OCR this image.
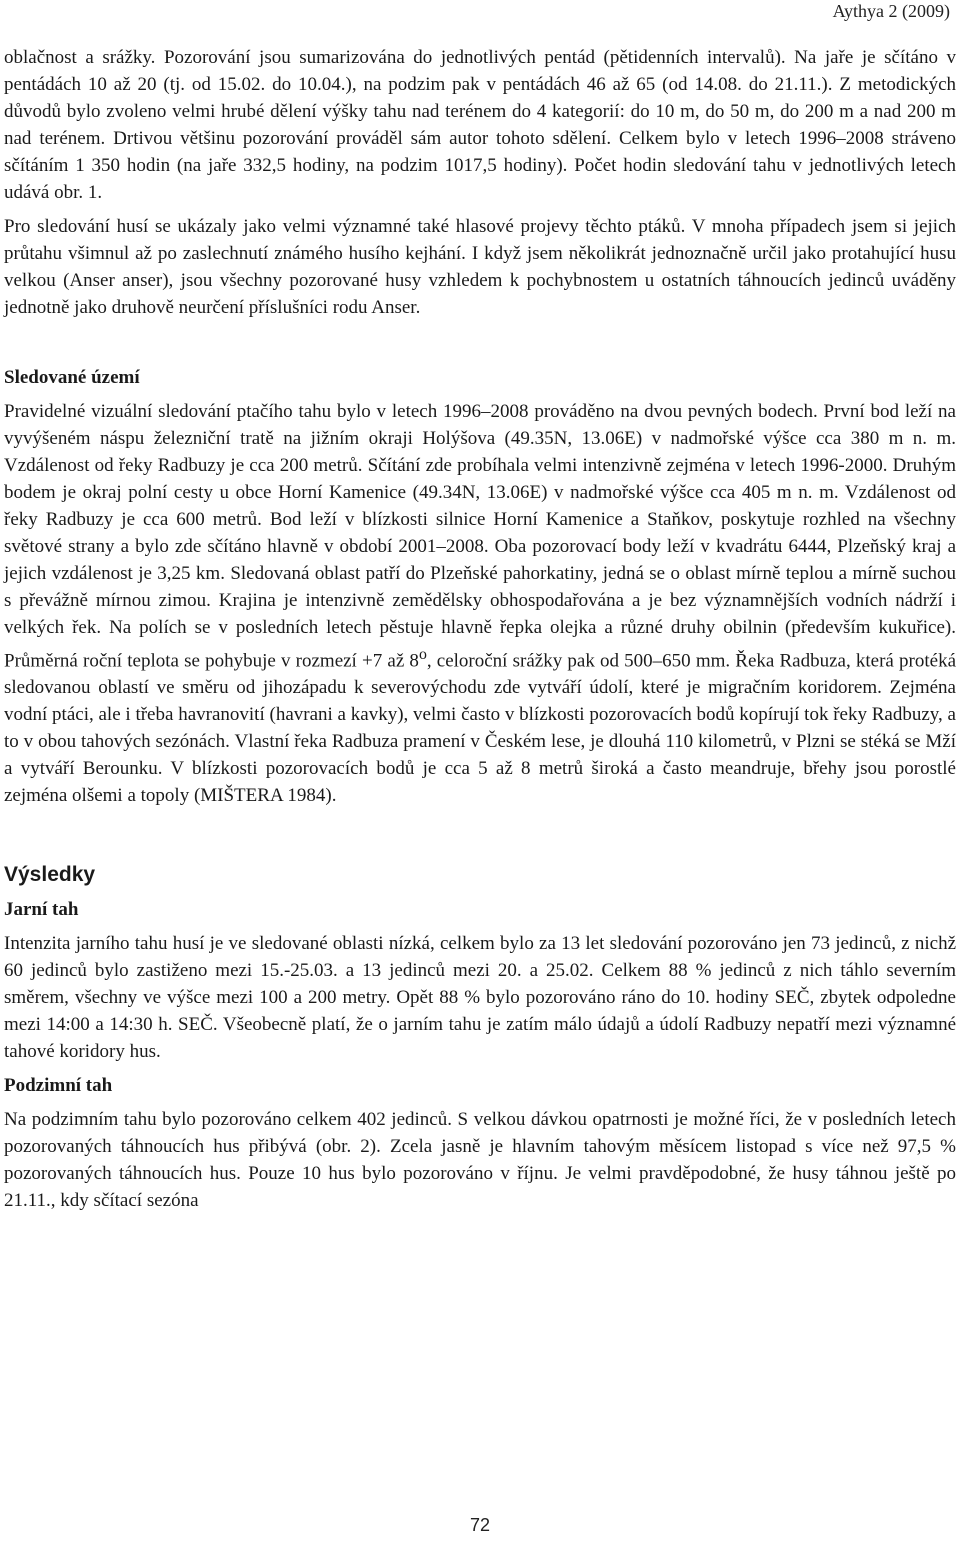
Aythya 2 (2009)

oblačnost a srážky. Pozorování jsou sumarizována do jednotlivých pentád (pětidenních intervalů). Na jaře je sčítáno v pentádách 10 až 20 (tj. od 15.02. do 10.04.), na podzim pak v pentádách 46 až 65 (od 14.08. do 21.11.). Z metodických důvodů bylo zvoleno velmi hrubé dělení výšky tahu nad terénem do 4 kategorií: do 10 m, do 50 m, do 200 m a nad 200 m nad terénem. Drtivou většinu pozorování prováděl sám autor tohoto sdělení. Celkem bylo v letech 1996–2008 stráveno sčítáním 1 350 hodin (na jaře 332,5 hodiny, na podzim 1017,5 hodiny). Počet hodin sledování tahu v jednotlivých letech udává obr. 1.

Pro sledování husí se ukázaly jako velmi významné také hlasové projevy těchto ptáků. V mnoha případech jsem si jejich průtahu všimnul až po zaslechnutí známého husího kejhání. I když jsem několikrát jednoznačně určil jako protahující husu velkou (Anser anser), jsou všechny pozorované husy vzhledem k pochybnostem u ostatních táhnoucích jedinců uváděny jednotně jako druhově neurčení příslušníci rodu Anser.

Sledované území

Pravidelné vizuální sledování ptačího tahu bylo v letech 1996–2008 prováděno na dvou pevných bodech. První bod leží na vyvýšeném náspu železniční tratě na jižním okraji Holýšova (49.35N, 13.06E) v nadmořské výšce cca 380 m n. m. Vzdálenost od řeky Radbuzy je cca 200 metrů. Sčítání zde probíhala velmi intenzivně zejména v letech 1996-2000. Druhým bodem je okraj polní cesty u obce Horní Kamenice (49.34N, 13.06E) v nadmořské výšce cca 405 m n. m. Vzdálenost od řeky Radbuzy je cca 600 metrů. Bod leží v blízkosti silnice Horní Kamenice a Staňkov, poskytuje rozhled na všechny světové strany a bylo zde sčítáno hlavně v období 2001–2008. Oba pozorovací body leží v kvadrátu 6444, Plzeňský kraj a jejich vzdálenost je 3,25 km. Sledovaná oblast patří do Plzeňské pahorkatiny, jedná se o oblast mírně teplou a mírně suchou s převážně mírnou zimou. Krajina je intenzivně zemědělsky obhospodařována a je bez významnějších vodních nádrží i velkých řek. Na polích se v posledních letech pěstuje hlavně řepka olejka a různé druhy obilnin (především kukuřice). Průměrná roční teplota se pohybuje v rozmezí +7 až 8$^o$, celoroční srážky pak od 500–650 mm. Řeka Radbuza, která protéká sledovanou oblastí ve směru od jihozápadu k severovýchodu zde vytváří údolí, které je migračním koridorem. Zejména vodní ptáci, ale i třeba havranovití (havrani a kavky), velmi často v blízkosti pozorovacích bodů kopírují tok řeky Radbuzy, a to v obou tahových sezónách. Vlastní řeka Radbuza pramení v Českém lese, je dlouhá 110 kilometrů, v Plzni se stéká se Mží a vytváří Berounku. V blízkosti pozorovacích bodů je cca 5 až 8 metrů široká a často meandruje, břehy jsou porostlé zejména olšemi a topoly (MIŠTERA 1984).

Výsledky
Jarní tah

Intenzita jarního tahu husí je ve sledované oblasti nízká, celkem bylo za 13 let sledování pozorováno jen 73 jedinců, z nichž 60 jedinců bylo zastiženo mezi 15.-25.03. a 13 jedinců mezi 20. a 25.02. Celkem 88 % jedinců z nich táhlo severním směrem, všechny ve výšce mezi 100 a 200 metry. Opět 88 % bylo pozorováno ráno do 10. hodiny SEČ, zbytek odpoledne mezi 14:00 a 14:30 h. SEČ. Všeobecně platí, že o jarním tahu je zatím málo údajů a údolí Radbuzy nepatří mezi významné tahové koridory hus.

Podzimní tah

Na podzimním tahu bylo pozorováno celkem 402 jedinců. S velkou dávkou opatrnosti je možné říci, že v posledních letech pozorovaných táhnoucích hus přibývá (obr. 2). Zcela jasně je hlavním tahovým měsícem listopad s více než 97,5 % pozorovaných táhnoucích hus. Pouze 10 hus bylo pozorováno v říjnu. Je velmi pravděpodobné, že husy táhnou ještě po 21.11., kdy sčítací sezóna

72
